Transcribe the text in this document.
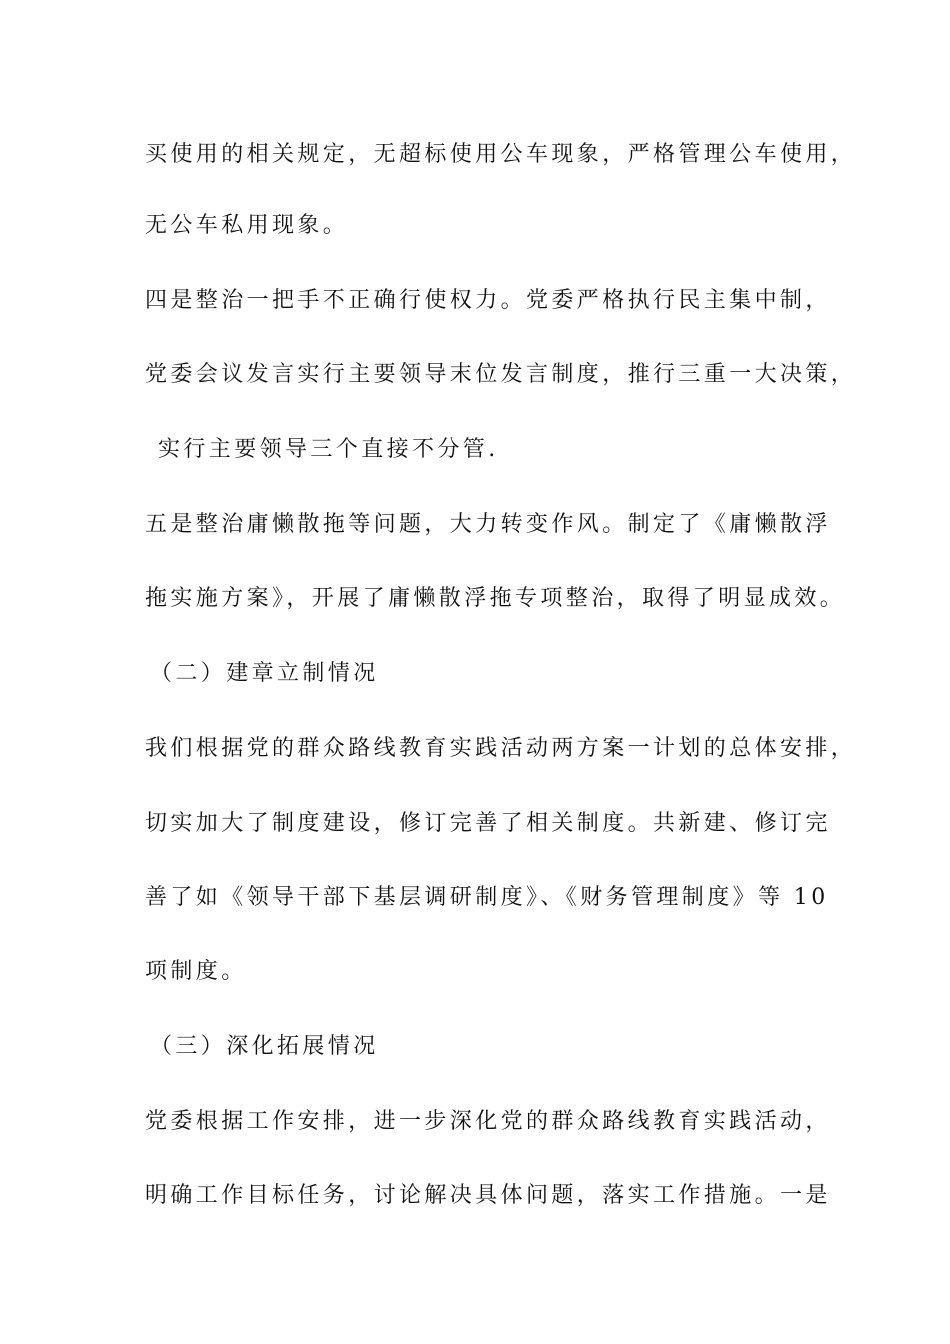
买使用的相关规定，无超标使用公车现象，严格管理公车使用，
无公车私用现象。
四是整治一把手不正确行使权力。党委严格执行民主集中制，
党委会议发言实行主要领导末位发言制度，推行三重一大决策，
实行主要领导三个直接不分管.
五是整治庸懒散拖等问题，大力转变作风。制定了《庸懒散浮
拖实施方案》，开展了庸懒散浮拖专项整治，取得了明显成效。
（二）建章立制情况
我们根据党的群众路线教育实践活动两方案一计划的总体安排，
切实加大了制度建设，修订完善了相关制度。共新建、修订完
善了如《领导干部下基层调研制度》、《财务管理制度》等 10
项制度。
（三）深化拓展情况
党委根据工作安排，进一步深化党的群众路线教育实践活动，
明确工作目标任务，讨论解决具体问题，落实工作措施。一是
